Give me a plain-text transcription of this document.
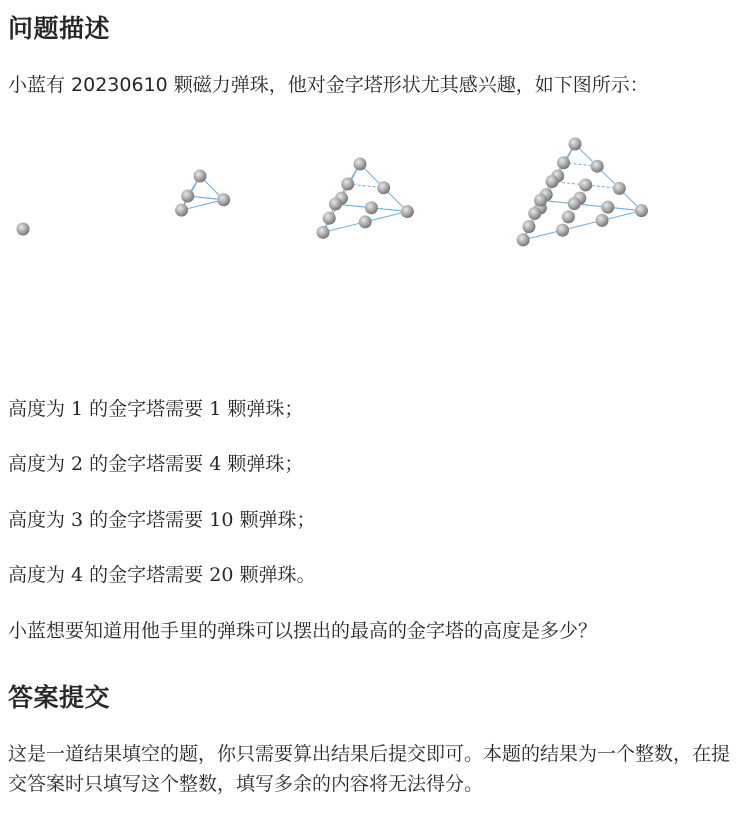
问题描述

小蓝有 20230610 颗磁力弹珠，他对金字塔形状尤其感兴趣，如下图所示：

高度为 1 的金字塔需要 1 颗弹珠；

高度为 2 的金字塔需要 4 颗弹珠；

高度为 3 的金字塔需要 10 颗弹珠；

高度为 4 的金字塔需要 20 颗弹珠。

小蓝想要知道用他手里的弹珠可以摆出的最高的金字塔的高度是多少？

答案提交

这是一道结果填空的题，你只需要算出结果后提交即可。本题的结果为一个整数，在提交答案时只填写这个整数，填写多余的内容将无法得分。
